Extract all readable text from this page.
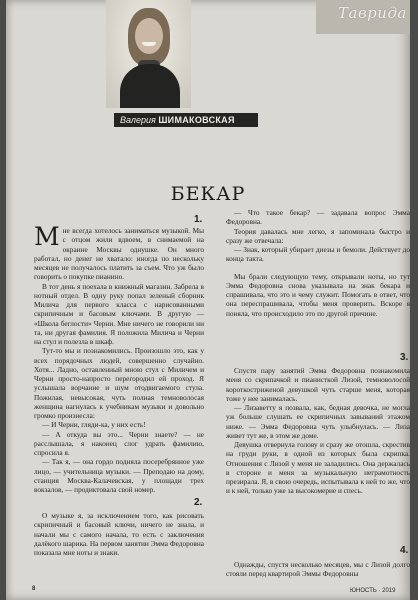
Таврида
Валерия ШИМАКОВСКАЯ
БЕКАР
1.

Мне всегда хотелось заниматься музыкой. Мы с отцом жили вдвоем, в снимаемой на окраине Москвы однушке. Он много работал, но денег не хватало: иногда по нескольку месяцев не получалось платить за съем. Что уж было говорить о покупке пианино.

В тот день я поехала в книжный магазин. Забрела в нотный отдел. В одну руку попал зеленый сборник Милича для первого класса с нарисованными скрипичным и басовым ключами. В другую — «Школа беглости» Черни. Мне ничего не говорили ни та, ни другая фамилия. Я положила Милича и Черни на стул и полезла в шкаф.

Тут-то мы и познакомились. Произошло это, как у всех порядочных людей, совершенно случайно. Хотя... Ладно, оставленный мною стул с Миличем и Черни просто-напросто перегородил ей проход. Я услышала ворчание и шум отодвигаемого стула. Пожилая, невысокая, чуть полная темноволосая женщина нагнулась к учебникам музыки и довольно громко произнесла:

— И Черни, гляди-ка, у них есть!

— А откуда вы это... Черни знаете? — не расслышала, я наконец слог удрать фамилию, спросила я.

— Так я, — она гордо подняла посеребрянное уже лицо, — учительница музыки. — Преподаю на дому, станция Москва-Калачевская, у площади трех вокзалов, — продиктовала свой номер.

2.

О музыке я, за исключением того, как рисовать скрипичный и басовый ключи, ничего не знала, и начали мы с самого начала, то есть с заключения далёкого шарика. На первом занятии Эмма Федоровна показала мне ноты и знаки.

— Что такое бекар? — задавала вопрос Эмма Федоровна.

Теория давалась мне легко, я запоминала быстро и сразу же отвечала:

— Знак, который убирает диезы и бемоли. Действует до конца такта.

Мы брали следующую тему, открывали ноты, но тут Эмма Федоровна снова указывала на знак бекара и спрашивала, что это и чему служит. Помогать в ответ, что она переспрашивала, чтобы меня проверить. Вскоре я поняла, что происходило это по другой причине.

3.

Спустя пару занятий Эмма Федоровна познакомила меня со скрипачкой и пианисткой Лизой, темноволосой короткостриженой девушкой чуть старше меня, которая тоже у нее занималась.

— Лизаветту я позвала, как, бедная девочка, не могла уж больше слушать ее скрипичных завываний этажом ниже. — Эмма Федоровна чуть улыбнулась. — Лиза живет тут же, в этом же доме.

Девушка отвернула голову и сразу же отошла, скрестив на груди руки, в одной из которых была скрипка. Отношения с Лизой у меня не заладились. Она держалась в стороне и меня за музыкальную неграмотность презирала. Я, в свою очередь, испытывала к ней то же, что и к ней, только уже за высокомерие и спесь.

4.

Однажды, спустя несколько месяцев, мы с Лизой долго стояли перед квартирой Эммы Федоровны

8	ЮНОСТЬ · 2019
